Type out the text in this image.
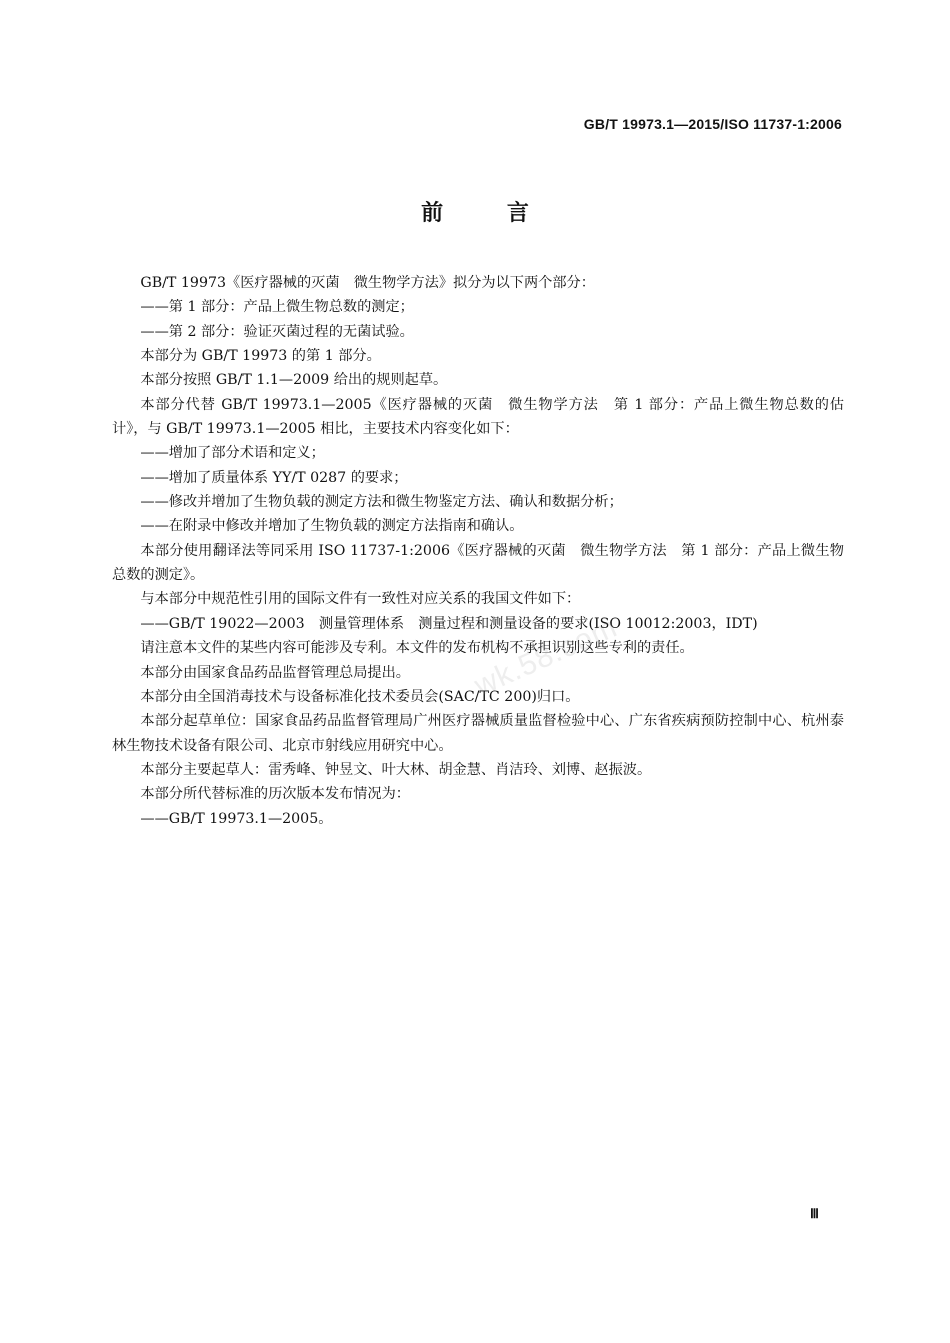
GB/T 19973.1—2015/ISO 11737-1:2006
前	言

GB/T 19973《医疗器械的灭菌　微生物学方法》拟分为以下两个部分：

——第 1 部分：产品上微生物总数的测定；

——第 2 部分：验证灭菌过程的无菌试验。

本部分为 GB/T 19973 的第 1 部分。

本部分按照 GB/T 1.1—2009 给出的规则起草。

本部分代替 GB/T 19973.1—2005《医疗器械的灭菌　微生物学方法　第 1 部分：产品上微生物总数的估计》，与 GB/T 19973.1—2005 相比，主要技术内容变化如下：

——增加了部分术语和定义；

——增加了质量体系 YY/T 0287 的要求；

——修改并增加了生物负载的测定方法和微生物鉴定方法、确认和数据分析；

——在附录中修改并增加了生物负载的测定方法指南和确认。

本部分使用翻译法等同采用 ISO 11737-1:2006《医疗器械的灭菌　微生物学方法　第 1 部分：产品上微生物总数的测定》。

与本部分中规范性引用的国际文件有一致性对应关系的我国文件如下：

——GB/T 19022—2003　测量管理体系　测量过程和测量设备的要求(ISO 10012:2003，IDT)

请注意本文件的某些内容可能涉及专利。本文件的发布机构不承担识别这些专利的责任。

本部分由国家食品药品监督管理总局提出。

本部分由全国消毒技术与设备标准化技术委员会(SAC/TC 200)归口。

本部分起草单位：国家食品药品监督管理局广州医疗器械质量监督检验中心、广东省疾病预防控制中心、杭州泰林生物技术设备有限公司、北京市射线应用研究中心。

本部分主要起草人：雷秀峰、钟昱文、叶大林、胡金慧、肖洁玲、刘博、赵振波。

本部分所代替标准的历次版本发布情况为：

——GB/T 19973.1—2005。

wk.58.com
Ⅲ
